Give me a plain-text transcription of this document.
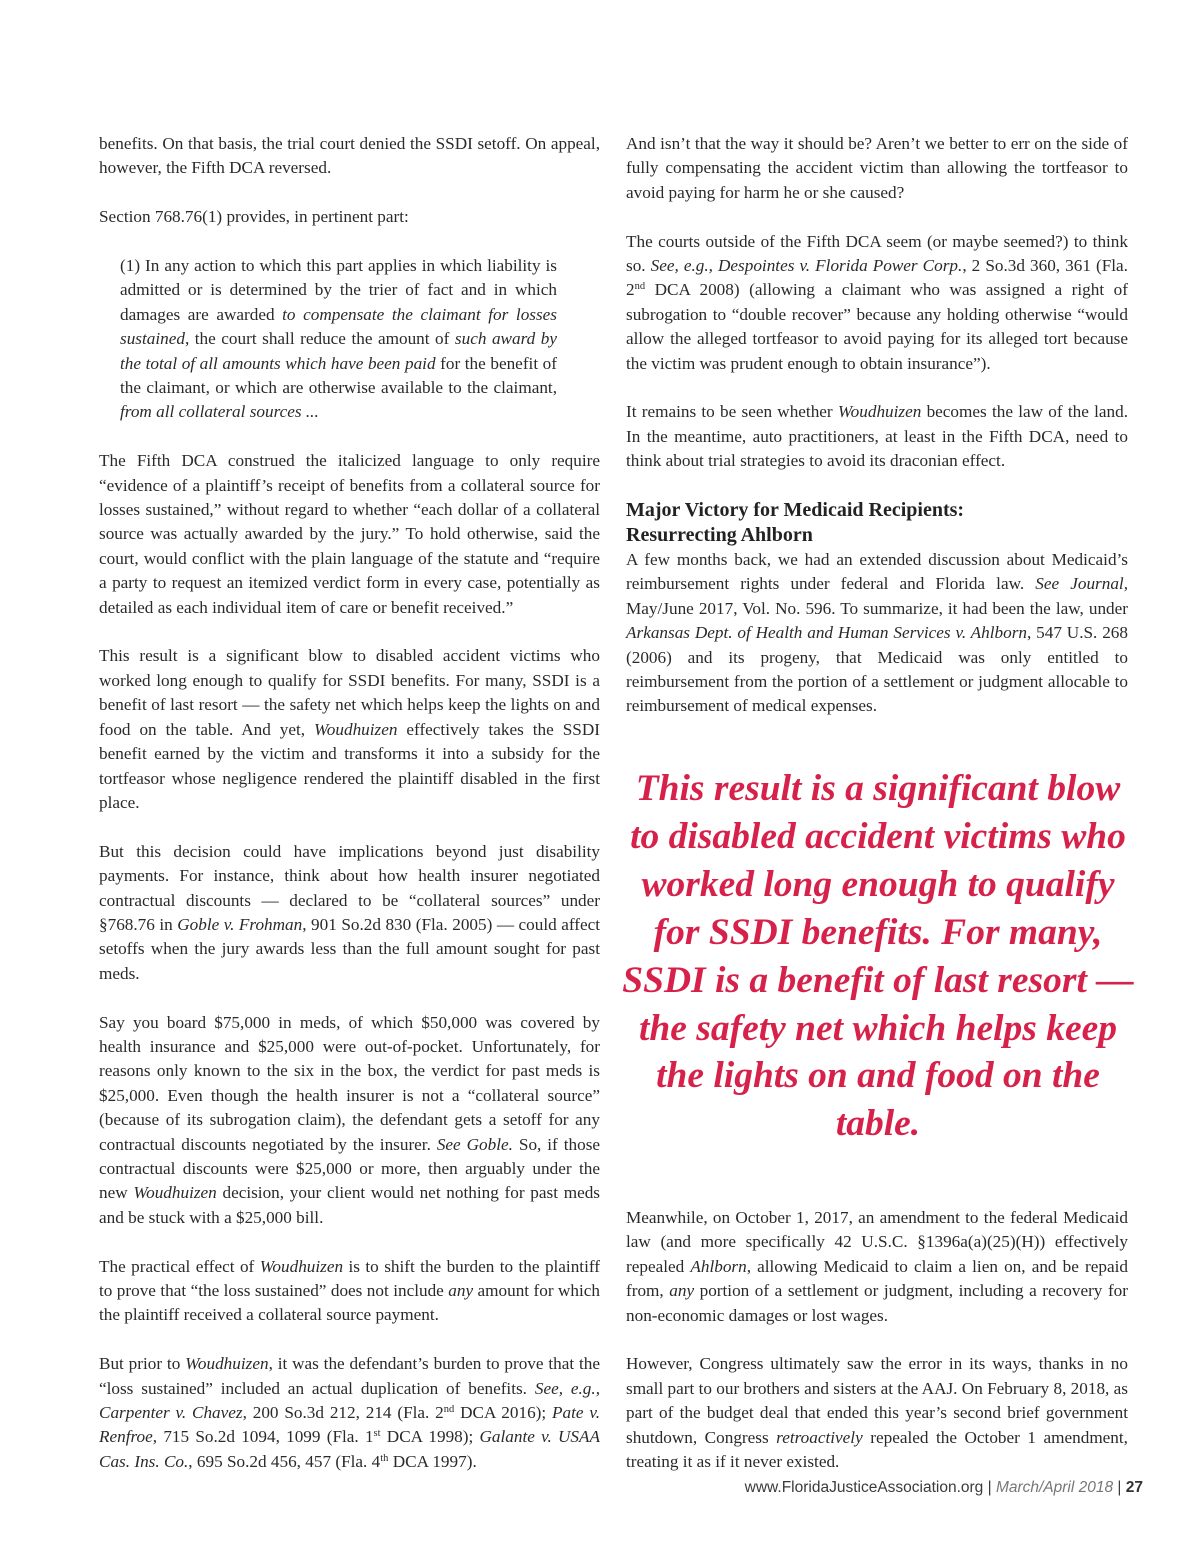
benefits. On that basis, the trial court denied the SSDI setoff. On appeal, however, the Fifth DCA reversed.

Section 768.76(1) provides, in pertinent part:

(1) In any action to which this part applies in which liability is admitted or is determined by the trier of fact and in which damages are awarded to compensate the claimant for losses sustained, the court shall reduce the amount of such award by the total of all amounts which have been paid for the benefit of the claimant, or which are otherwise available to the claimant, from all collateral sources ...

The Fifth DCA construed the italicized language to only require “evidence of a plaintiff’s receipt of benefits from a collateral source for losses sustained,” without regard to whether “each dollar of a collateral source was actually awarded by the jury.” To hold otherwise, said the court, would conflict with the plain language of the statute and “require a party to request an itemized verdict form in every case, potentially as detailed as each individual item of care or benefit received.”

This result is a significant blow to disabled accident victims who worked long enough to qualify for SSDI benefits. For many, SSDI is a benefit of last resort — the safety net which helps keep the lights on and food on the table. And yet, Woudhuizen effectively takes the SSDI benefit earned by the victim and transforms it into a subsidy for the tortfeasor whose negligence rendered the plaintiff disabled in the first place.

But this decision could have implications beyond just disability payments. For instance, think about how health insurer negotiated contractual discounts — declared to be “collateral sources” under §768.76 in Goble v. Frohman, 901 So.2d 830 (Fla. 2005) — could affect setoffs when the jury awards less than the full amount sought for past meds.

Say you board $75,000 in meds, of which $50,000 was covered by health insurance and $25,000 were out-of-pocket. Unfortunately, for reasons only known to the six in the box, the verdict for past meds is $25,000. Even though the health insurer is not a “collateral source” (because of its subrogation claim), the defendant gets a setoff for any contractual discounts negotiated by the insurer. See Goble. So, if those contractual discounts were $25,000 or more, then arguably under the new Woudhuizen decision, your client would net nothing for past meds and be stuck with a $25,000 bill.

The practical effect of Woudhuizen is to shift the burden to the plaintiff to prove that “the loss sustained” does not include any amount for which the plaintiff received a collateral source payment.

But prior to Woudhuizen, it was the defendant’s burden to prove that the “loss sustained” included an actual duplication of benefits. See, e.g., Carpenter v. Chavez, 200 So.3d 212, 214 (Fla. 2nd DCA 2016); Pate v. Renfroe, 715 So.2d 1094, 1099 (Fla. 1st DCA 1998); Galante v. USAA Cas. Ins. Co., 695 So.2d 456, 457 (Fla. 4th DCA 1997).

And isn’t that the way it should be? Aren’t we better to err on the side of fully compensating the accident victim than allowing the tortfeasor to avoid paying for harm he or she caused?

The courts outside of the Fifth DCA seem (or maybe seemed?) to think so. See, e.g., Despointes v. Florida Power Corp., 2 So.3d 360, 361 (Fla. 2nd DCA 2008) (allowing a claimant who was assigned a right of subrogation to “double recover” because any holding otherwise “would allow the alleged tortfeasor to avoid paying for its alleged tort because the victim was prudent enough to obtain insurance”).

It remains to be seen whether Woudhuizen becomes the law of the land. In the meantime, auto practitioners, at least in the Fifth DCA, need to think about trial strategies to avoid its draconian effect.

Major Victory for Medicaid Recipients:
Resurrecting Ahlborn

A few months back, we had an extended discussion about Medicaid’s reimbursement rights under federal and Florida law. See Journal, May/June 2017, Vol. No. 596. To summarize, it had been the law, under Arkansas Dept. of Health and Human Services v. Ahlborn, 547 U.S. 268 (2006) and its progeny, that Medicaid was only entitled to reimbursement from the portion of a settlement or judgment allocable to reimbursement of medical expenses.

This result is a significant blow to disabled accident victims who worked long enough to qualify for SSDI benefits. For many, SSDI is a benefit of last resort — the safety net which helps keep the lights on and food on the table.

Meanwhile, on October 1, 2017, an amendment to the federal Medicaid law (and more specifically 42 U.S.C. §1396a(a)(25)(H)) effectively repealed Ahlborn, allowing Medicaid to claim a lien on, and be repaid from, any portion of a settlement or judgment, including a recovery for non-economic damages or lost wages.

However, Congress ultimately saw the error in its ways, thanks in no small part to our brothers and sisters at the AAJ. On February 8, 2018, as part of the budget deal that ended this year’s second brief government shutdown, Congress retroactively repealed the October 1 amendment, treating it as if it never existed.

www.FloridaJusticeAssociation.org | March/April 2018 | 27
